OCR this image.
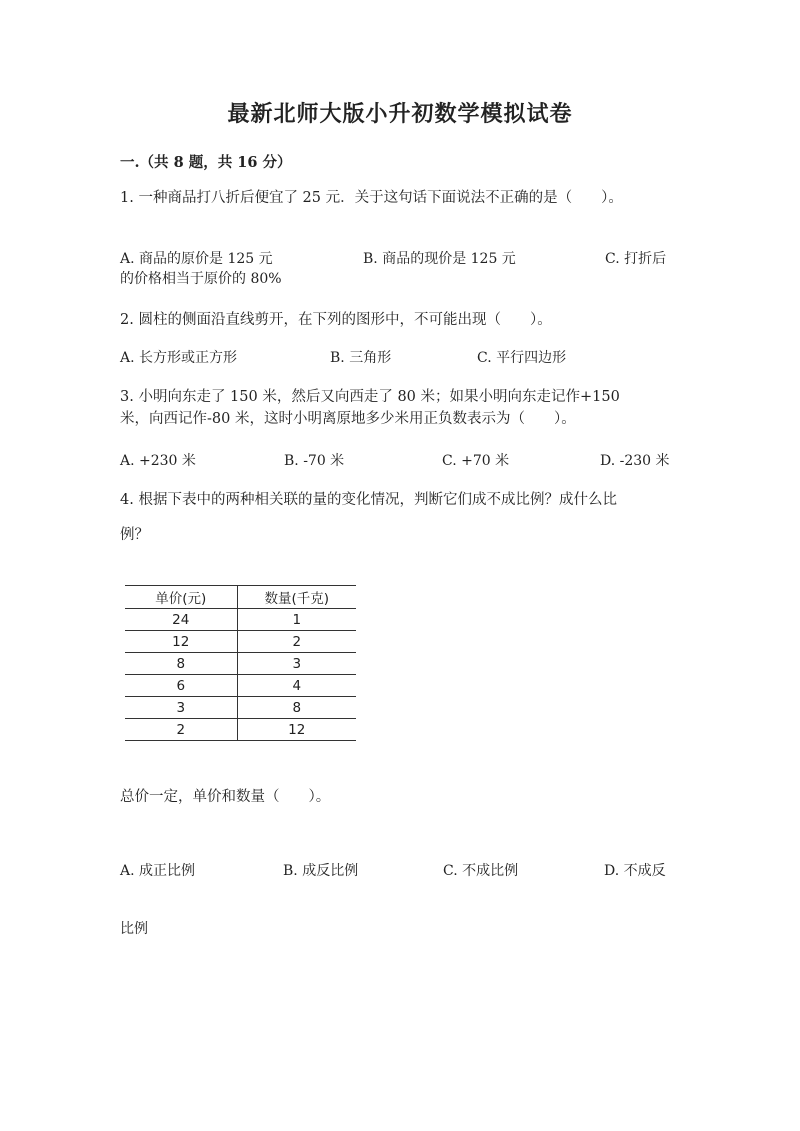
最新北师大版小升初数学模拟试卷
一.（共 8 题，共 16 分）
1. 一种商品打八折后便宜了 25 元．关于这句话下面说法不正确的是（　　）。
A. 商品的原价是 125 元	B. 商品的现价是 125 元	C. 打折后
的价格相当于原价的 80%
2. 圆柱的侧面沿直线剪开，在下列的图形中，不可能出现（　　）。
A. 长方形或正方形	B. 三角形	C. 平行四边形
3. 小明向东走了 150 米，然后又向西走了 80 米；如果小明向东走记作+150
米，向西记作-80 米，这时小明离原地多少米用正负数表示为（　　）。
A. +230 米	B. -70 米	C. +70 米	D. -230 米
4. 根据下表中的两种相关联的量的变化情况，判断它们成不成比例？成什么比
例？
单价(元)	数量(千克)
24	1
12	2
8	3
6	4
3	8
2	12
总价一定，单价和数量（　　）。
A. 成正比例	B. 成反比例	C. 不成比例	D. 不成反
比例
